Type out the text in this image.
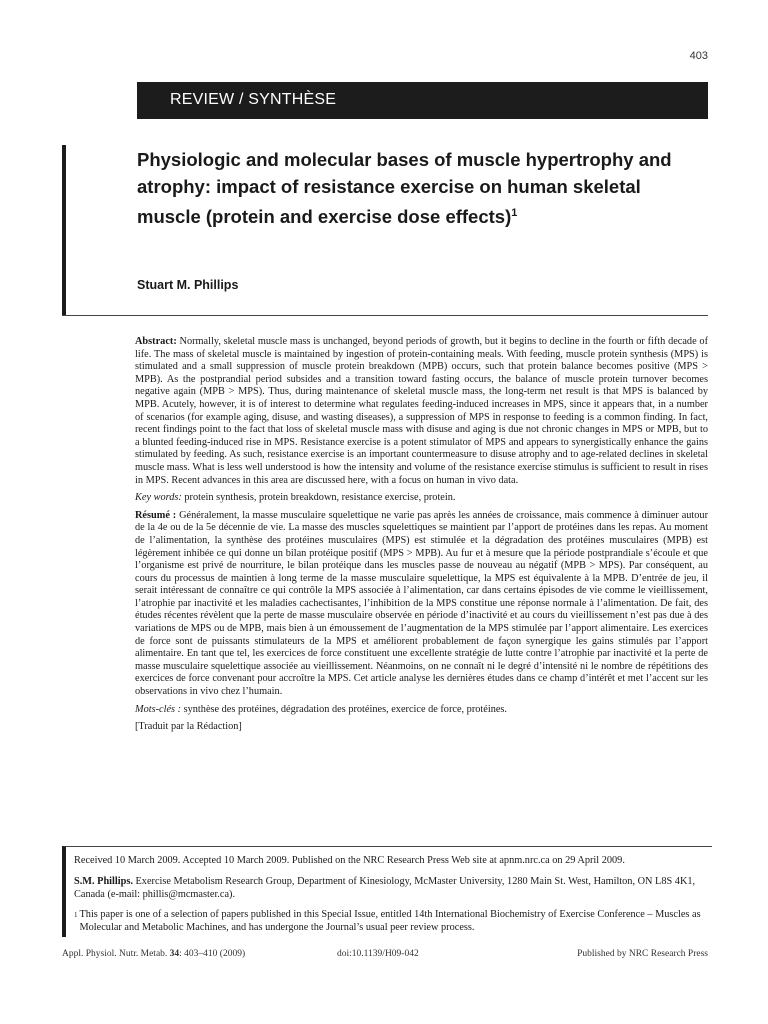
403
REVIEW / SYNTHÈSE
Physiologic and molecular bases of muscle hypertrophy and atrophy: impact of resistance exercise on human skeletal muscle (protein and exercise dose effects)$^1$
Stuart M. Phillips

Abstract: Normally, skeletal muscle mass is unchanged, beyond periods of growth, but it begins to decline in the fourth or fifth decade of life. The mass of skeletal muscle is maintained by ingestion of protein-containing meals. With feeding, muscle protein synthesis (MPS) is stimulated and a small suppression of muscle protein breakdown (MPB) occurs, such that protein balance becomes positive (MPS > MPB). As the postprandial period subsides and a transition toward fasting occurs, the balance of muscle protein turnover becomes negative again (MPB > MPS). Thus, during maintenance of skeletal muscle mass, the long-term net result is that MPS is balanced by MPB. Acutely, however, it is of interest to determine what regulates feeding-induced increases in MPS, since it appears that, in a number of scenarios (for example aging, disuse, and wasting diseases), a suppression of MPS in response to feeding is a common finding. In fact, recent findings point to the fact that loss of skeletal muscle mass with disuse and aging is due not chronic changes in MPS or MPB, but to a blunted feeding-induced rise in MPS. Resistance exercise is a potent stimulator of MPS and appears to synergistically enhance the gains stimulated by feeding. As such, resistance exercise is an important countermeasure to disuse atrophy and to age-related declines in skeletal muscle mass. What is less well understood is how the intensity and volume of the resistance exercise stimulus is sufficient to result in rises in MPS. Recent advances in this area are discussed here, with a focus on human in vivo data.

Key words: protein synthesis, protein breakdown, resistance exercise, protein.

Résumé : Généralement, la masse musculaire squelettique ne varie pas après les années de croissance, mais commence à diminuer autour de la 4e ou de la 5e décennie de vie. La masse des muscles squelettiques se maintient par l’apport de protéines dans les repas. Au moment de l’alimentation, la synthèse des protéines musculaires (MPS) est stimulée et la dégradation des protéines musculaires (MPB) est légèrement inhibée ce qui donne un bilan protéique positif (MPS > MPB). Au fur et à mesure que la période postprandiale s’écoule et que l’organisme est privé de nourriture, le bilan protéique dans les muscles passe de nouveau au négatif (MPB > MPS). Par conséquent, au cours du processus de maintien à long terme de la masse musculaire squelettique, la MPS est équivalente à la MPB. D’entrée de jeu, il serait intéressant de connaître ce qui contrôle la MPS associée à l’alimentation, car dans certains épisodes de vie comme le vieillissement, l’atrophie par inactivité et les maladies cachectisantes, l’inhibition de la MPS constitue une réponse normale à l’alimentation. De fait, des études récentes révèlent que la perte de masse musculaire observée en période d’inactivité et au cours du vieillissement n’est pas due à des variations de MPS ou de MPB, mais bien à un émoussement de l’augmentation de la MPS stimulée par l’apport alimentaire. Les exercices de force sont de puissants stimulateurs de la MPS et améliorent probablement de façon synergique les gains stimulés par l’apport alimentaire. En tant que tel, les exercices de force constituent une excellente stratégie de lutte contre l’atrophie par inactivité et la perte de masse musculaire squelettique associée au vieillissement. Néanmoins, on ne connaît ni le degré d’intensité ni le nombre de répétitions des exercices de force convenant pour accroître la MPS. Cet article analyse les dernières études dans ce champ d’intérêt et met l’accent sur les observations in vivo chez l’humain.

Mots-clés : synthèse des protéines, dégradation des protéines, exercice de force, protéines.

[Traduit par la Rédaction]

Received 10 March 2009. Accepted 10 March 2009. Published on the NRC Research Press Web site at apnm.nrc.ca on 29 April 2009.

S.M. Phillips. Exercise Metabolism Research Group, Department of Kinesiology, McMaster University, 1280 Main St. West, Hamilton, ON L8S 4K1, Canada (e-mail: phillis@mcmaster.ca).

1 This paper is one of a selection of papers published in this Special Issue, entitled 14th International Biochemistry of Exercise Conference – Muscles as Molecular and Metabolic Machines, and has undergone the Journal’s usual peer review process.
Appl. Physiol. Nutr. Metab. 34: 403–410 (2009)	doi:10.1139/H09-042	Published by NRC Research Press
